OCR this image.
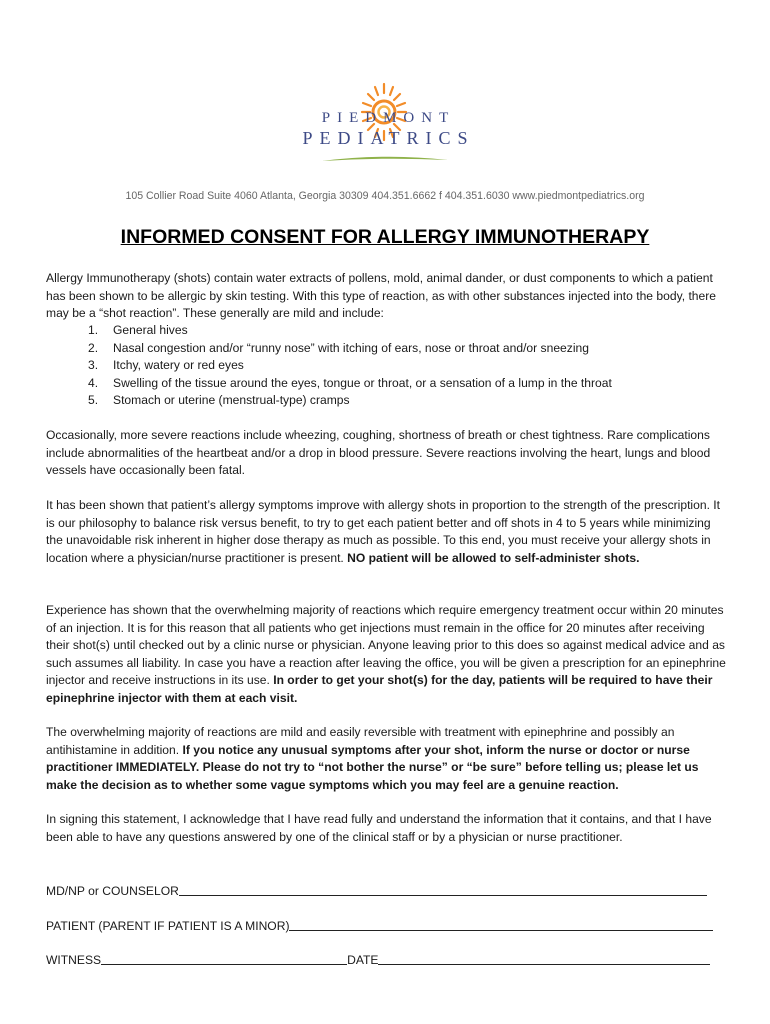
PIEDMONT
PEDIATRICS
105 Collier Road Suite 4060 Atlanta, Georgia 30309 404.351.6662 f 404.351.6030 www.piedmontpediatrics.org
INFORMED CONSENT FOR ALLERGY IMMUNOTHERAPY
Allergy Immunotherapy (shots) contain water extracts of pollens, mold, animal dander, or dust components to which a patient has been shown to be allergic by skin testing. With this type of reaction, as with other substances injected into the body, there may be a “shot reaction”. These generally are mild and include:
1. General hives
2. Nasal congestion and/or “runny nose” with itching of ears, nose or throat and/or sneezing
3. Itchy, watery or red eyes
4. Swelling of the tissue around the eyes, tongue or throat, or a sensation of a lump in the throat
5. Stomach or uterine (menstrual-type) cramps
Occasionally, more severe reactions include wheezing, coughing, shortness of breath or chest tightness. Rare complications include abnormalities of the heartbeat and/or a drop in blood pressure. Severe reactions involving the heart, lungs and blood vessels have occasionally been fatal.
It has been shown that patient’s allergy symptoms improve with allergy shots in proportion to the strength of the prescription. It is our philosophy to balance risk versus benefit, to try to get each patient better and off shots in 4 to 5 years while minimizing the unavoidable risk inherent in higher dose therapy as much as possible. To this end, you must receive your allergy shots in location where a physician/nurse practitioner is present. NO patient will be allowed to self-administer shots.
Experience has shown that the overwhelming majority of reactions which require emergency treatment occur within 20 minutes of an injection. It is for this reason that all patients who get injections must remain in the office for 20 minutes after receiving their shot(s) until checked out by a clinic nurse or physician. Anyone leaving prior to this does so against medical advice and as such assumes all liability. In case you have a reaction after leaving the office, you will be given a prescription for an epinephrine injector and receive instructions in its use. In order to get your shot(s) for the day, patients will be required to have their epinephrine injector with them at each visit.
The overwhelming majority of reactions are mild and easily reversible with treatment with epinephrine and possibly an antihistamine in addition. If you notice any unusual symptoms after your shot, inform the nurse or doctor or nurse practitioner IMMEDIATELY. Please do not try to “not bother the nurse” or “be sure” before telling us; please let us make the decision as to whether some vague symptoms which you may feel are a genuine reaction.
In signing this statement, I acknowledge that I have read fully and understand the information that it contains, and that I have been able to have any questions answered by one of the clinical staff or by a physician or nurse practitioner.
MD/NP or COUNSELOR
PATIENT (PARENT IF PATIENT IS A MINOR)
WITNESS	DATE
